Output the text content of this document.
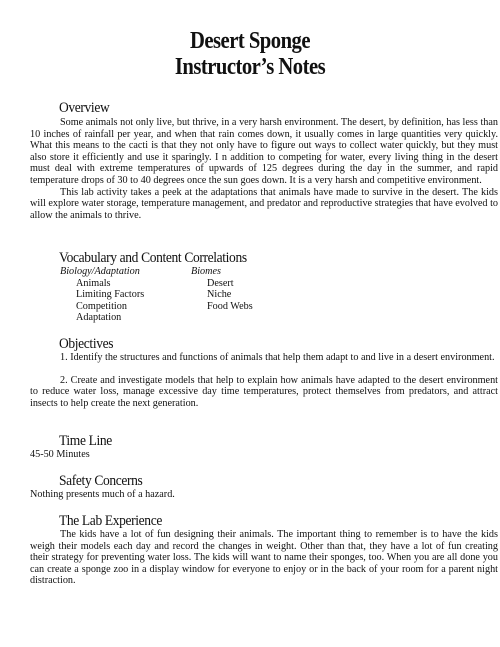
Desert Sponge
Instructor’s Notes
Overview

Some animals not only live, but thrive, in a very harsh environment. The desert, by definition, has less than 10 inches of rainfall per year, and when that rain comes down, it usually comes in large quantities very quickly. What this means to the cacti is that they not only have to figure out ways to collect water quickly, but they must also store it efficiently and use it sparingly. I n addition to competing for water, every living thing in the desert must deal with extreme temperatures of upwards of 125 degrees during the day in the summer, and rapid temperature drops of 30 to 40 degrees once the sun goes down. It is a very harsh and competitive environment.

This lab activity takes a peek at the adaptations that animals have made to survive in the desert. The kids will explore water storage, temperature management, and predator and reproductive strategies that have evolved to allow the animals to thrive.

Vocabulary and Content Correlations
Biology/Adaptation
Animals
Limiting Factors
Competition
Adaptation
Biomes
Desert
Niche
Food Webs
Objectives

1. Identify the structures and functions of animals that help them adapt to and live in a desert environment.

2. Create and investigate models that help to explain how animals have adapted to the desert environment to reduce water loss, manage excessive day time temperatures, protect themselves from predators, and attract insects to help create the next generation.

Time Line
45-50 Minutes
Safety Concerns
Nothing presents much of a hazard.
The Lab Experience

The kids have a lot of fun designing their animals. The important thing to remember is to have the kids weigh their models each day and record the changes in weight. Other than that, they have a lot of fun creating their strategy for preventing water loss. The kids will want to name their sponges, too. When you are all done you can create a sponge zoo in a display window for everyone to enjoy or in the back of your room for a parent night distraction.
